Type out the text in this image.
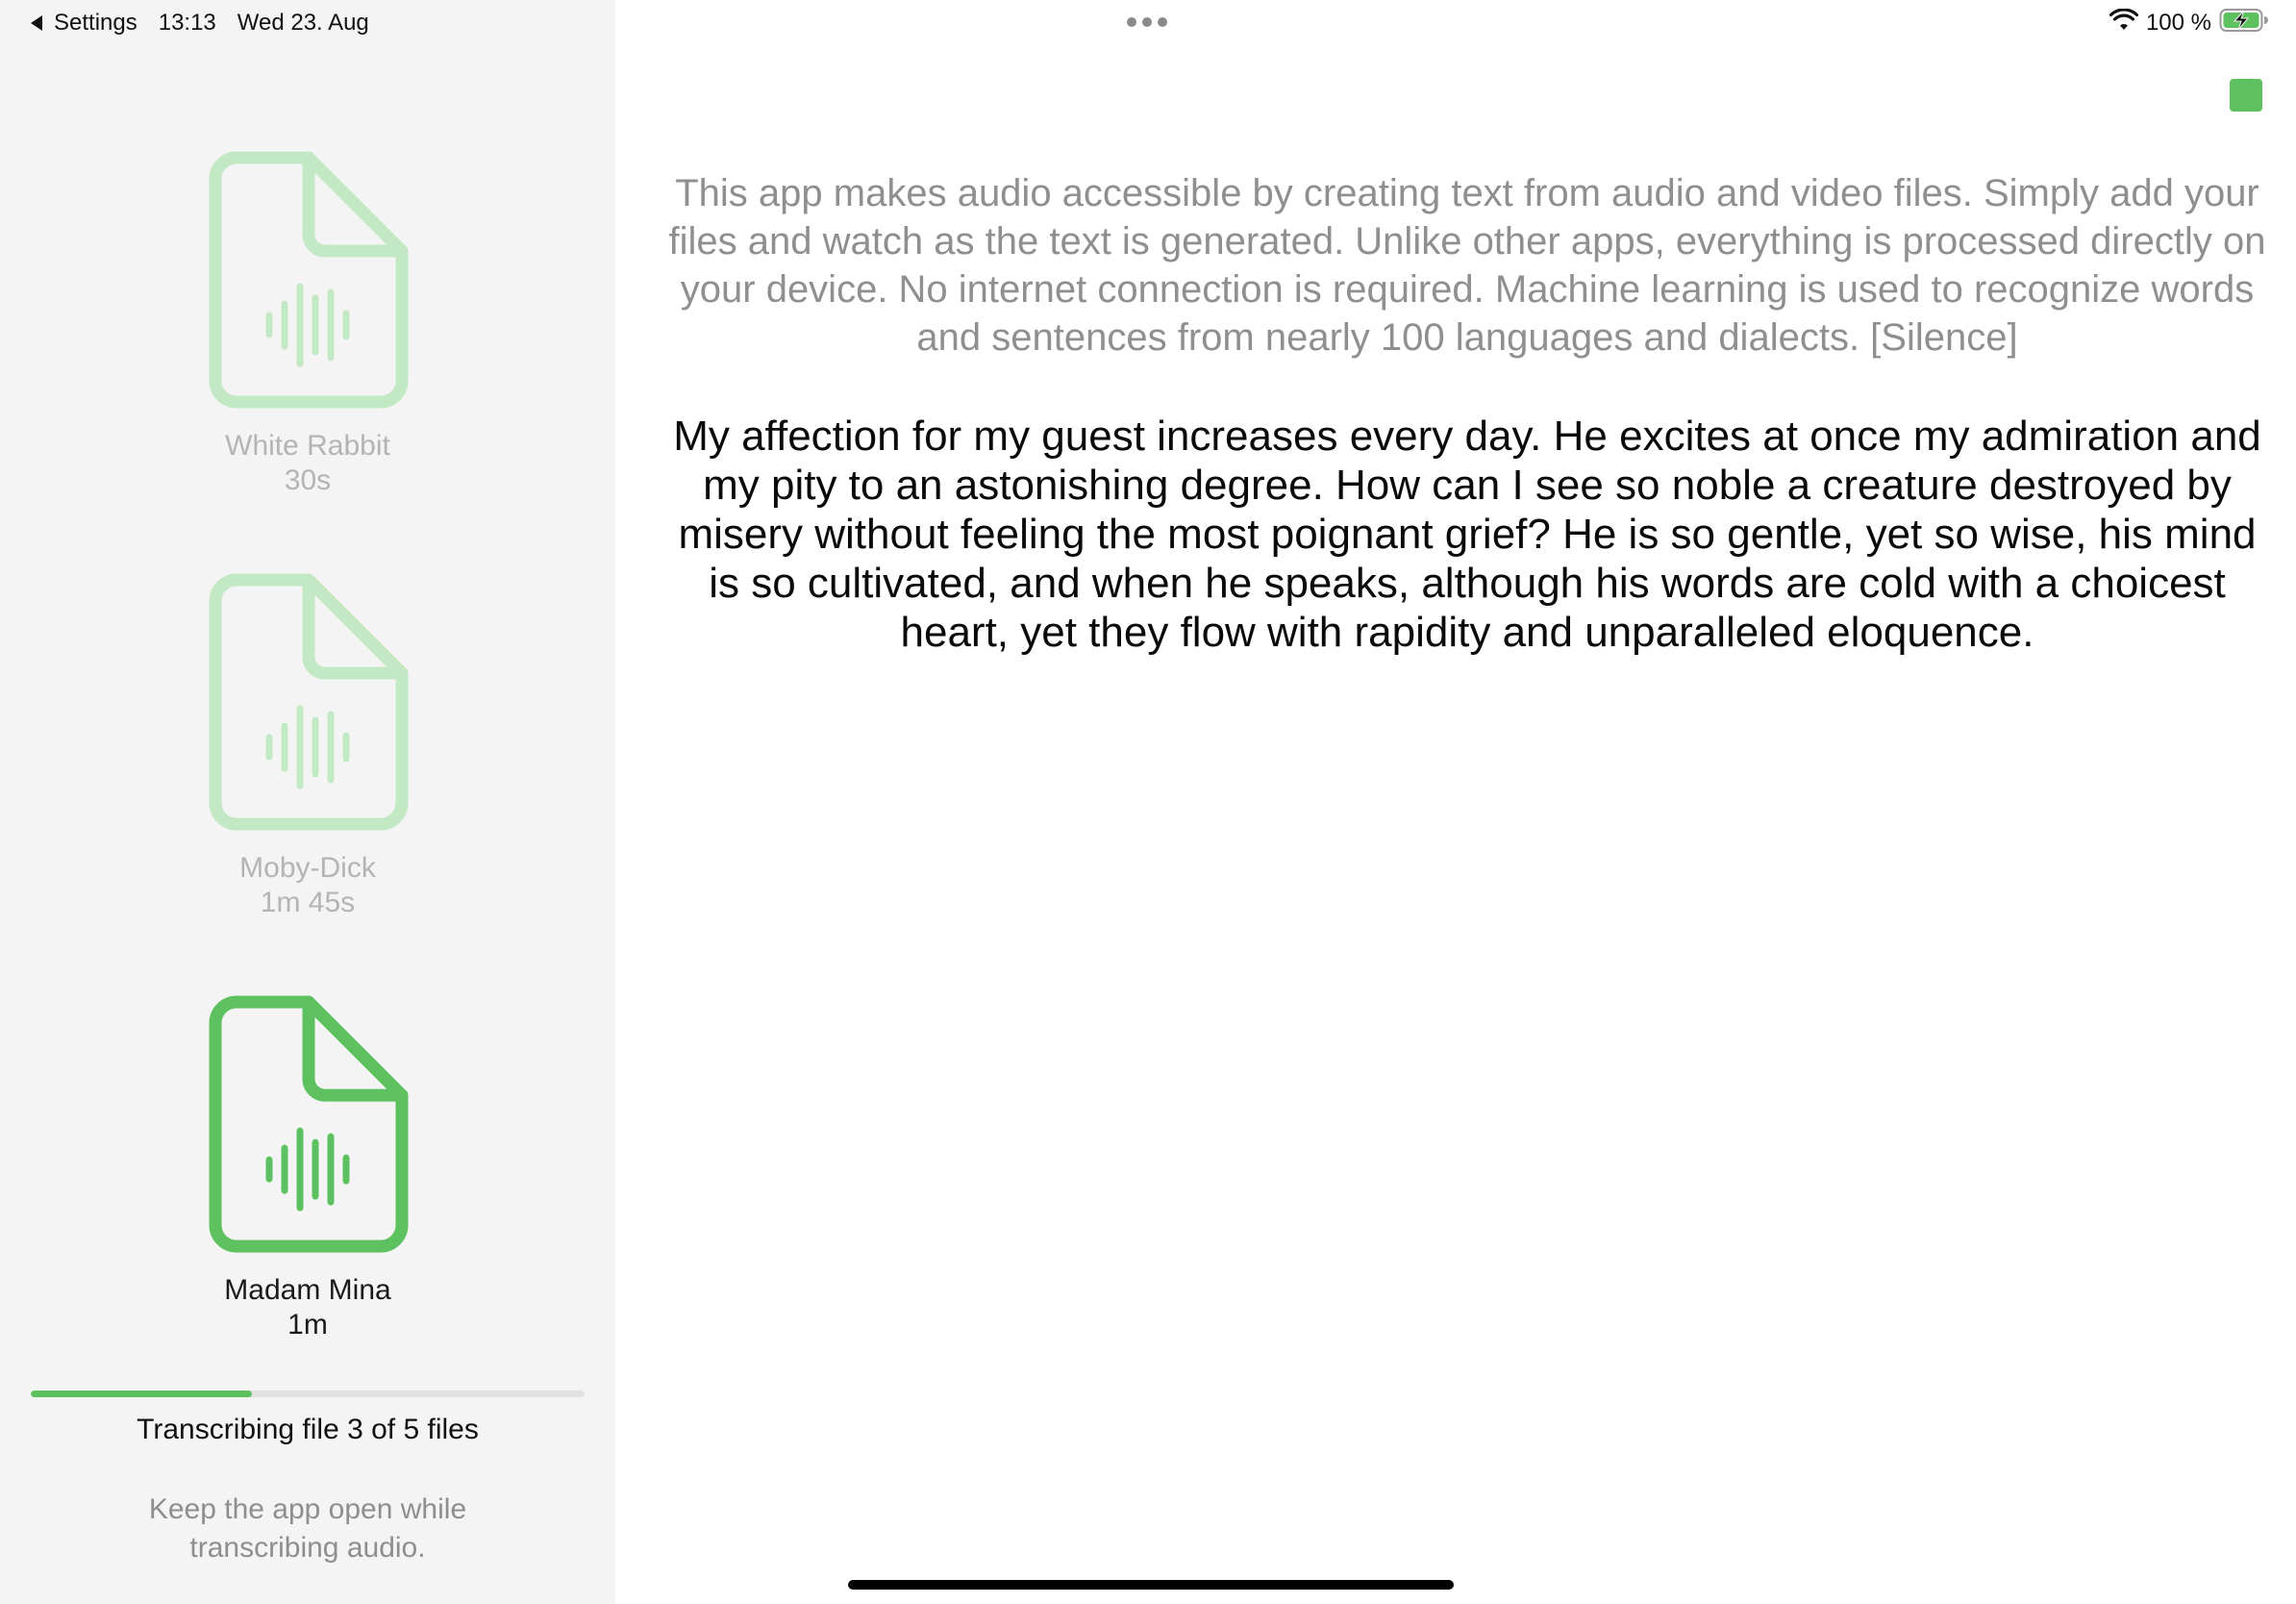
White Rabbit
30s
Moby-Dick
1m 45s
Madam Mina
1m
Transcribing file 3 of 5 files
Keep the app open while transcribing audio.
Settings 13:13 Wed 23. Aug	100 %
This app makes audio accessible by creating text from audio and video files. Simply add your files and watch as the text is generated. Unlike other apps, everything is processed directly on your device. No internet connection is required. Machine learning is used to recognize words and sentences from nearly 100 languages and dialects. [Silence]
My affection for my guest increases every day. He excites at once my admiration and my pity to an astonishing degree. How can I see so noble a creature destroyed by misery without feeling the most poignant grief? He is so gentle, yet so wise, his mind is so cultivated, and when he speaks, although his words are cold with a choicest heart, yet they flow with rapidity and unparalleled eloquence.
